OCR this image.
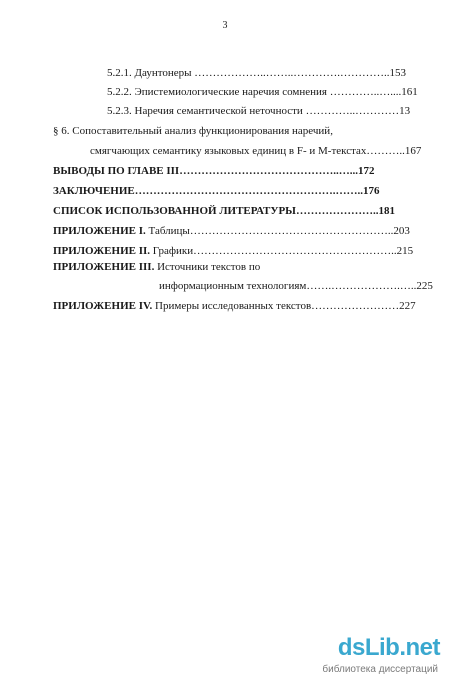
3
5.2.1. Даунтонеры ………………..……..………….…………..153
5.2.2. Эпистемиологические наречия сомнения …………..…....161
5.2.3. Наречия семантической неточности …………..…………13
§ 6. Сопоставительный анализ функционирования наречий,
смягчающих семантику языковых единиц в F- и M-текстах………..167
ВЫВОДЫ ПО ГЛАВЕ III……………………………………..…...172
ЗАКЛЮЧЕНИЕ……………………………………………….……..176
СПИСОК ИСПОЛЬЗОВАННОЙ ЛИТЕРАТУРЫ…………………..181
ПРИЛОЖЕНИЕ I. Таблицы………………………………………………..203
ПРИЛОЖЕНИЕ II. Графики………………………………………………..215
ПРИЛОЖЕНИЕ III. Источники текстов по
информационным технологиям…….……………….…..225
ПРИЛОЖЕНИЕ IV. Примеры исследованных текстов……………………227
dsLib.net
библиотека диссертаций
